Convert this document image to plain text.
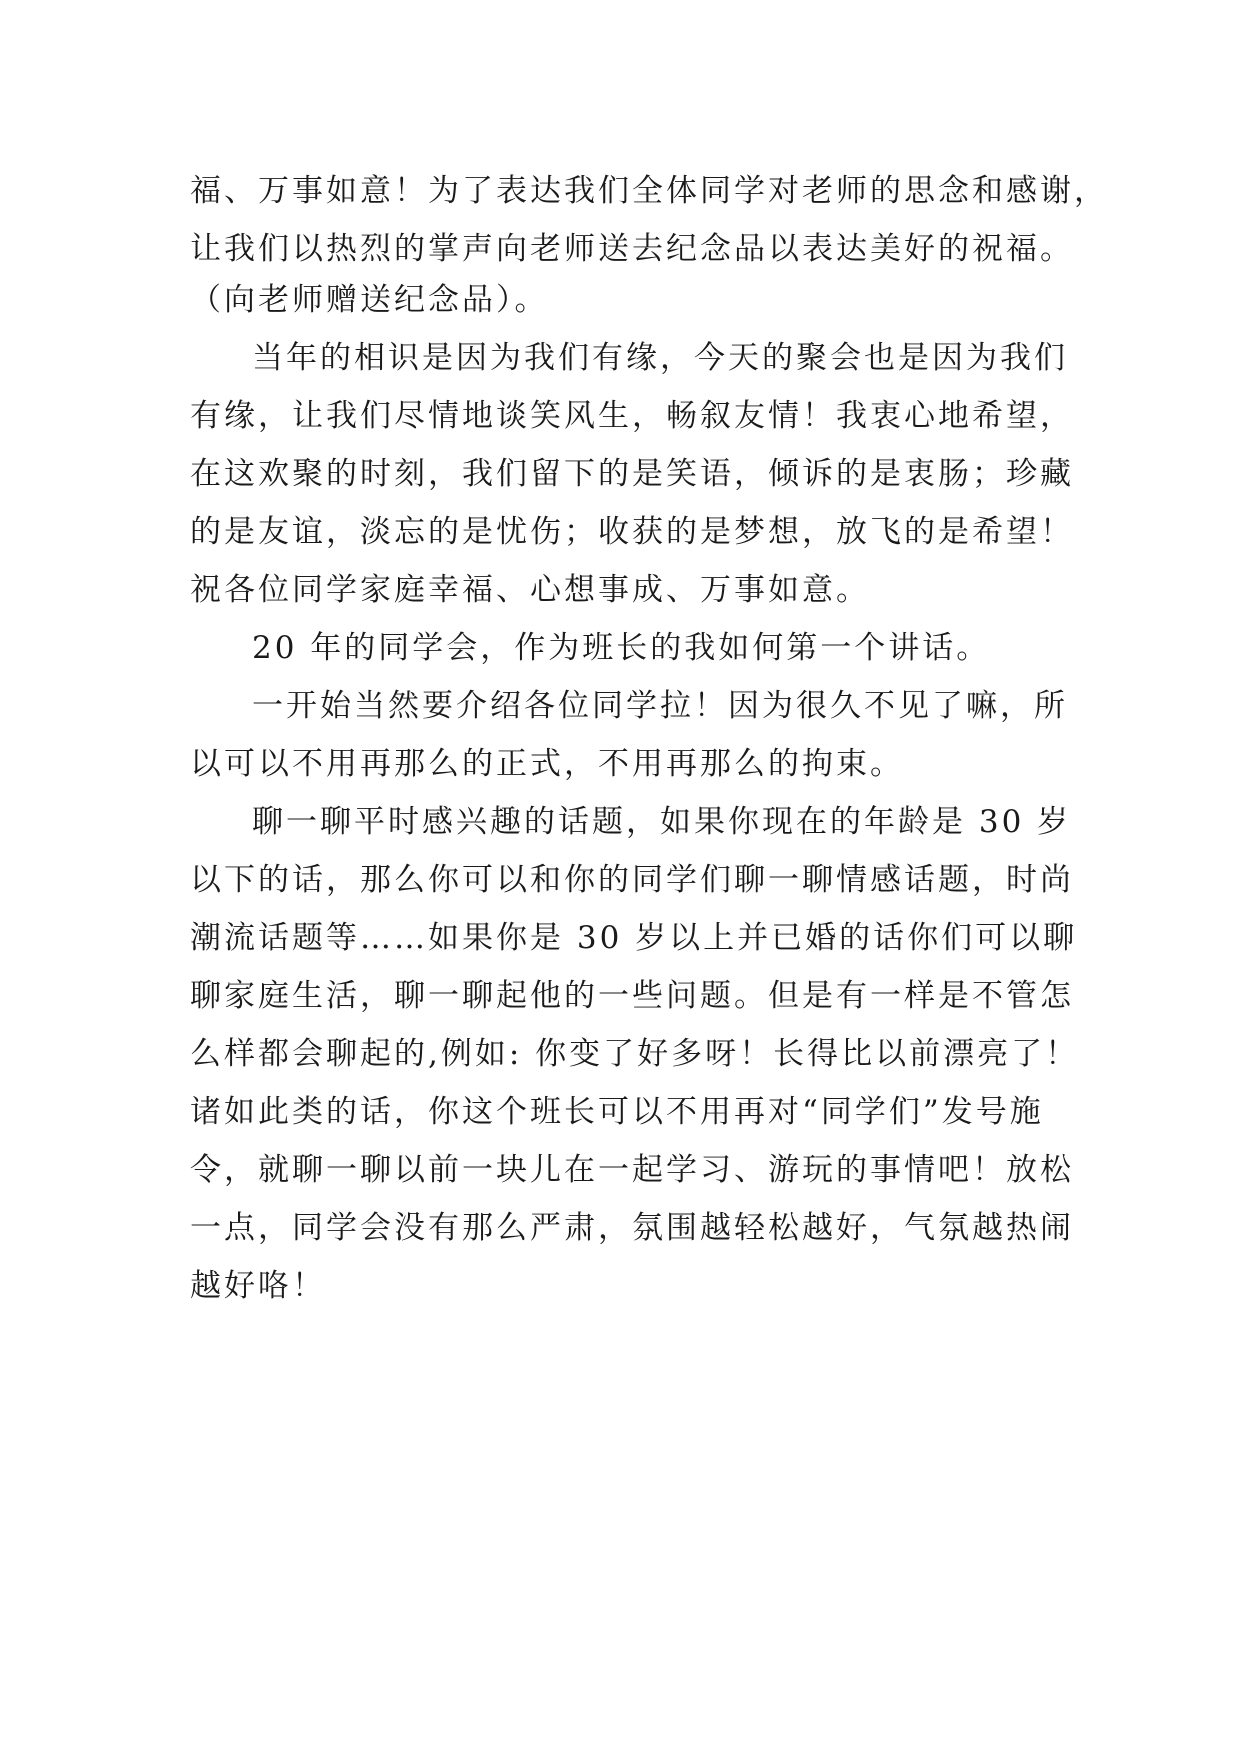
福、万事如意！为了表达我们全体同学对老师的思念和感谢，
让我们以热烈的掌声向老师送去纪念品以表达美好的祝福。
（向老师赠送纪念品）。
当年的相识是因为我们有缘，今天的聚会也是因为我们
有缘，让我们尽情地谈笑风生，畅叙友情！我衷心地希望，
在这欢聚的时刻，我们留下的是笑语，倾诉的是衷肠；珍藏
的是友谊，淡忘的是忧伤；收获的是梦想，放飞的是希望！
祝各位同学家庭幸福、心想事成、万事如意。
20 年的同学会，作为班长的我如何第一个讲话。
一开始当然要介绍各位同学拉！因为很久不见了嘛，所
以可以不用再那么的正式，不用再那么的拘束。
聊一聊平时感兴趣的话题，如果你现在的年龄是 30 岁
以下的话，那么你可以和你的同学们聊一聊情感话题，时尚
潮流话题等……如果你是 30 岁以上并已婚的话你们可以聊
聊家庭生活，聊一聊起他的一些问题。但是有一样是不管怎
么样都会聊起的,例如: 你变了好多呀！长得比以前漂亮了！
诸如此类的话，你这个班长可以不用再对“同学们”发号施
令，就聊一聊以前一块儿在一起学习、游玩的事情吧！放松
一点，同学会没有那么严肃，氛围越轻松越好，气氛越热闹
越好咯！
